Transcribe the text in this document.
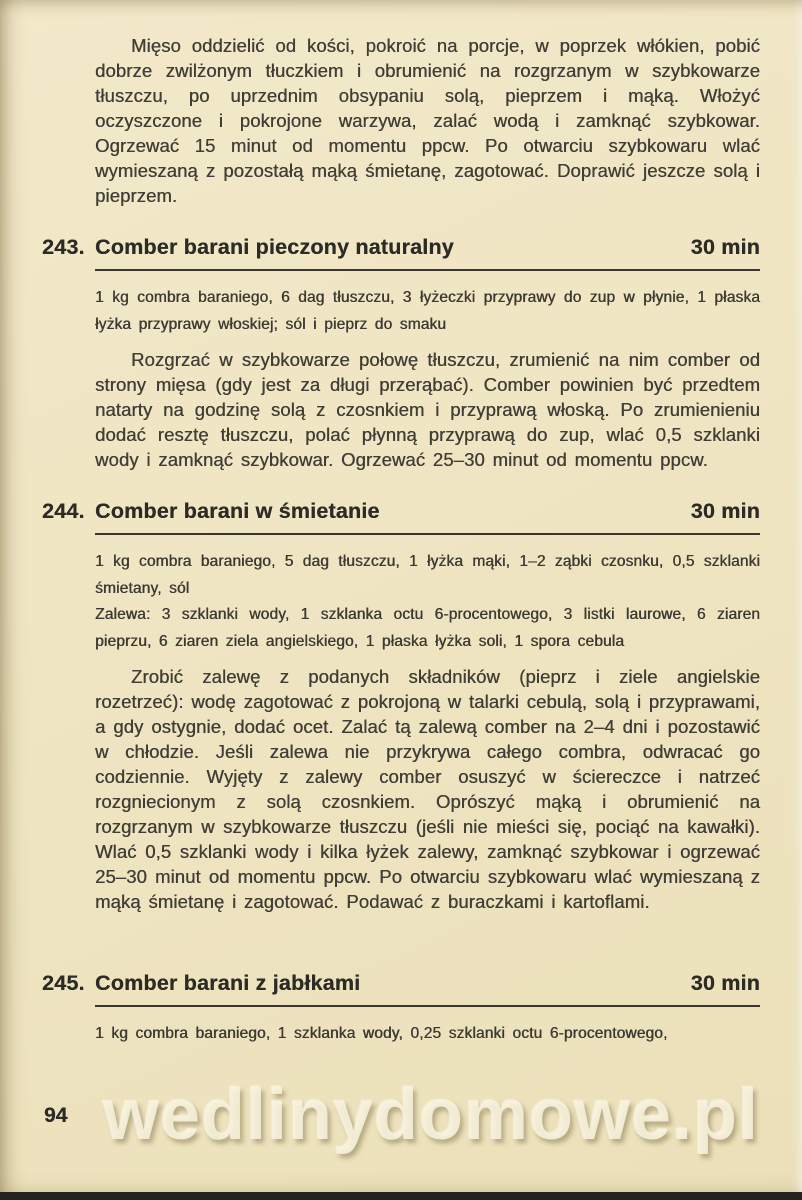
Mięso oddzielić od kości, pokroić na porcje, w poprzek włókien, pobić dobrze zwilżonym tłuczkiem i obrumienić na rozgrzanym w szybkowarze tłuszczu, po uprzednim obsypaniu solą, pieprzem i mąką. Włożyć oczyszczone i pokrojone warzywa, zalać wodą i zamknąć szybkowar. Ogrzewać 15 minut od momentu ppcw. Po otwarciu szybkowaru wlać wymieszaną z pozostałą mąką śmietanę, zagotować. Doprawić jeszcze solą i pieprzem.

243. Comber barani pieczony naturalny	30 min

1 kg combra baraniego, 6 dag tłuszczu, 3 łyżeczki przyprawy do zup w płynie, 1 płaska łyżka przyprawy włoskiej; sól i pieprz do smaku

Rozgrzać w szybkowarze połowę tłuszczu, zrumienić na nim comber od strony mięsa (gdy jest za długi przerąbać). Comber powinien być przedtem natarty na godzinę solą z czosnkiem i przyprawą włoską. Po zrumienieniu dodać resztę tłuszczu, polać płynną przyprawą do zup, wlać 0,5 szklanki wody i zamknąć szybkowar. Ogrzewać 25–30 minut od momentu ppcw.

244. Comber barani w śmietanie	30 min

1 kg combra baraniego, 5 dag tłuszczu, 1 łyżka mąki, 1–2 ząbki czosnku, 0,5 szklanki śmietany, sól

Zalewa: 3 szklanki wody, 1 szklanka octu 6-procentowego, 3 listki laurowe, 6 ziaren pieprzu, 6 ziaren ziela angielskiego, 1 płaska łyżka soli, 1 spora cebula

Zrobić zalewę z podanych składników (pieprz i ziele angielskie rozetrzeć): wodę zagotować z pokrojoną w talarki cebulą, solą i przyprawami, a gdy ostygnie, dodać ocet. Zalać tą zalewą comber na 2–4 dni i pozostawić w chłodzie. Jeśli zalewa nie przykrywa całego combra, odwracać go codziennie. Wyjęty z zalewy comber osuszyć w ściereczce i natrzeć rozgniecionym z solą czosnkiem. Oprószyć mąką i obrumienić na rozgrzanym w szybkowarze tłuszczu (jeśli nie mieści się, pociąć na kawałki). Wlać 0,5 szklanki wody i kilka łyżek zalewy, zamknąć szybkowar i ogrzewać 25–30 minut od momentu ppcw. Po otwarciu szybkowaru wlać wymieszaną z mąką śmietanę i zagotować. Podawać z buraczkami i kartoflami.

245. Comber barani z jabłkami	30 min

1 kg combra baraniego, 1 szklanka wody, 0,25 szklanki octu 6-procentowego,

94 wedlinydomowe.pl
